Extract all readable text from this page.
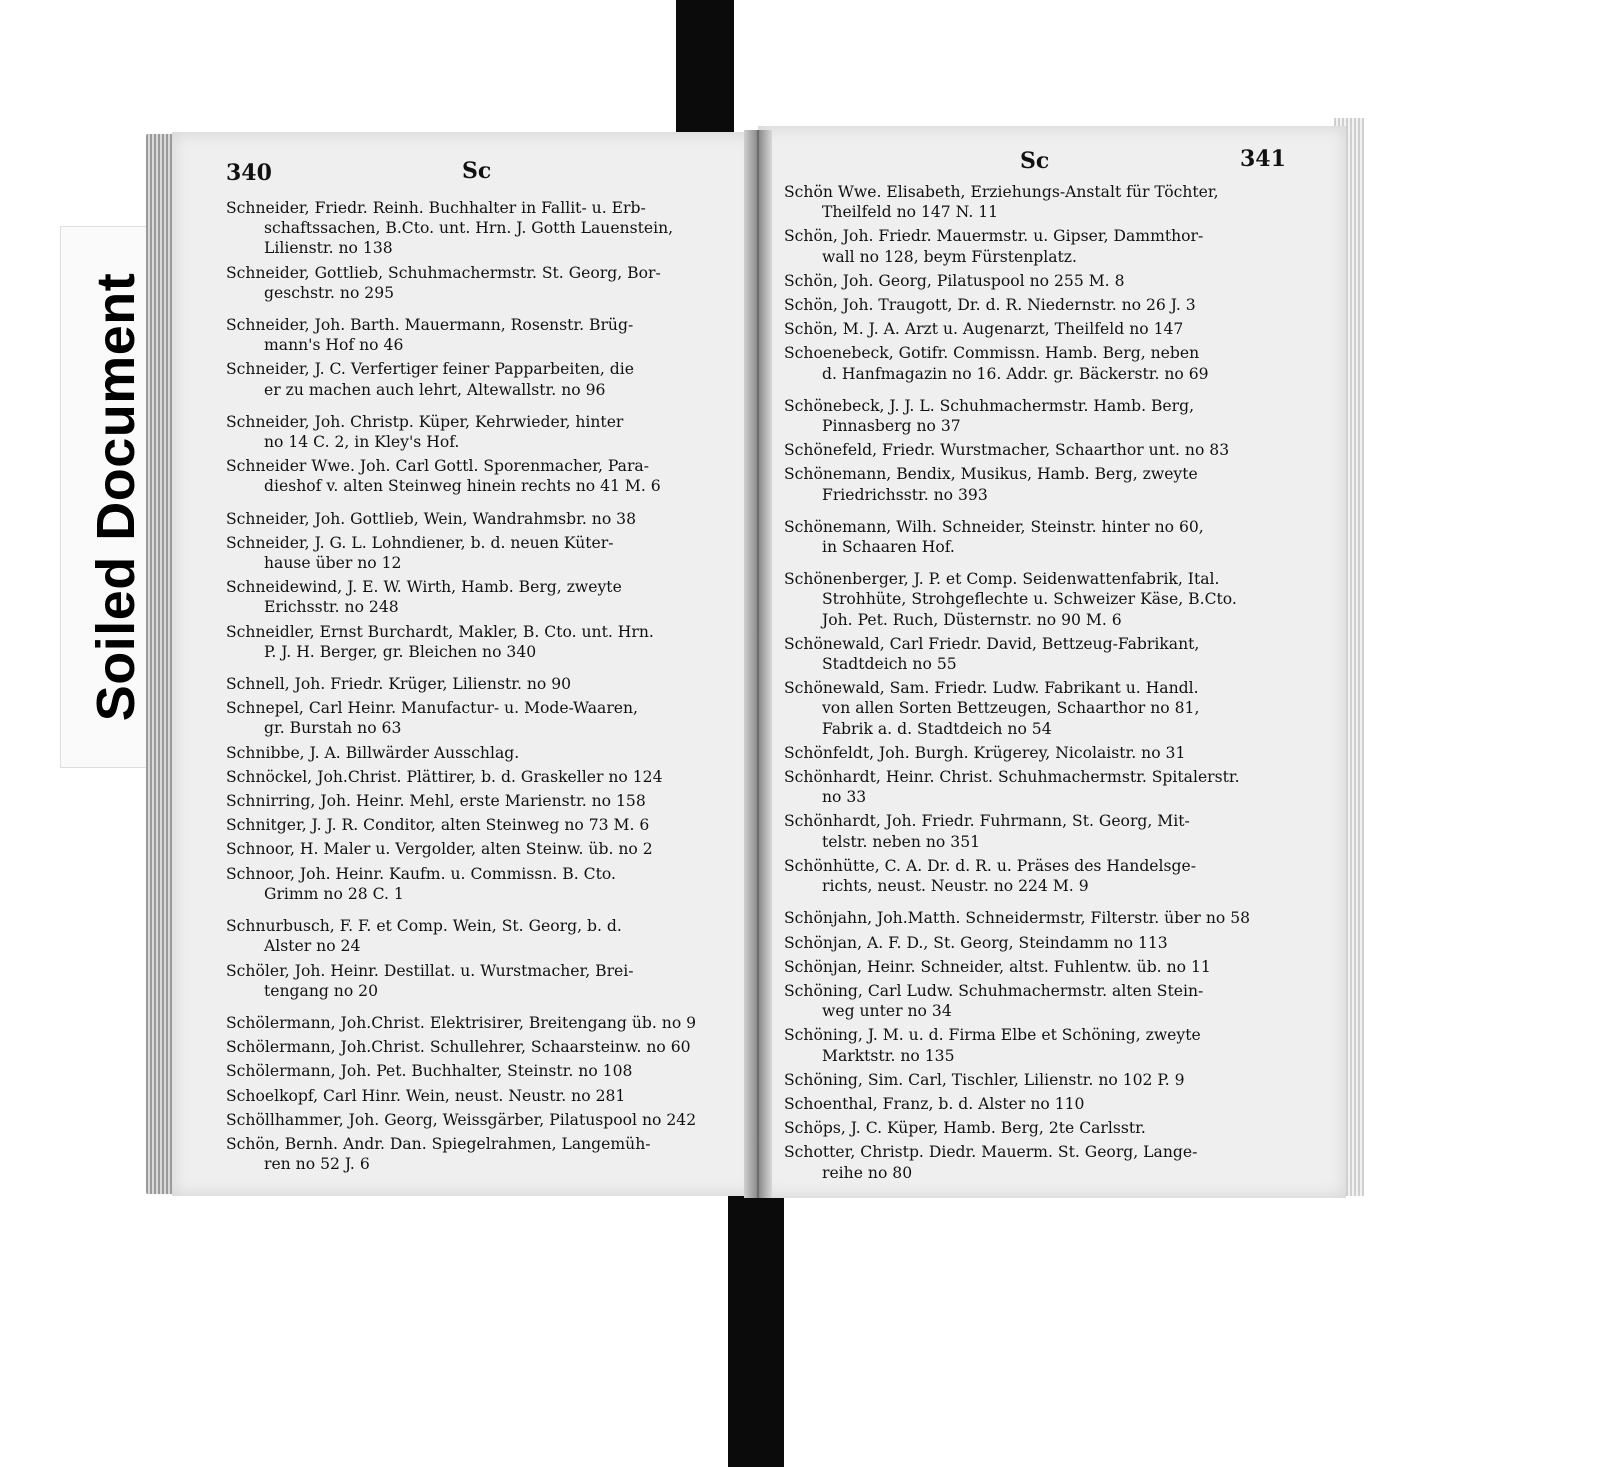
Soiled Document
340	Sc	Sc	341
Schneider, Friedr. Reinh. Buchhalter in Fallit- u. Erb-
schaftssachen, B.Cto. unt. Hrn. J. Gotth Lauenstein,
Lilienstr. no 138
Schneider, Gottlieb, Schuhmachermstr. St. Georg, Bor-
geschstr. no 295
Schneider, Joh. Barth. Mauermann, Rosenstr. Brüg-
mann's Hof no 46
Schneider, J. C. Verfertiger feiner Papparbeiten, die
er zu machen auch lehrt, Altewallstr. no 96
Schneider, Joh. Christp. Küper, Kehrwieder, hinter
no 14 C. 2, in Kley's Hof.
Schneider Wwe. Joh. Carl Gottl. Sporenmacher, Para-
dieshof v. alten Steinweg hinein rechts no 41 M. 6
Schneider, Joh. Gottlieb, Wein, Wandrahmsbr. no 38
Schneider, J. G. L. Lohndiener, b. d. neuen Küter-
hause über no 12
Schneidewind, J. E. W. Wirth, Hamb. Berg, zweyte
Erichsstr. no 248
Schneidler, Ernst Burchardt, Makler, B. Cto. unt. Hrn.
P. J. H. Berger, gr. Bleichen no 340
Schnell, Joh. Friedr. Krüger, Lilienstr. no 90
Schnepel, Carl Heinr. Manufactur- u. Mode-Waaren,
gr. Burstah no 63
Schnibbe, J. A. Billwärder Ausschlag.
Schnöckel, Joh.Christ. Plättirer, b. d. Graskeller no 124
Schnirring, Joh. Heinr. Mehl, erste Marienstr. no 158
Schnitger, J. J. R. Conditor, alten Steinweg no 73 M. 6
Schnoor, H. Maler u. Vergolder, alten Steinw. üb. no 2
Schnoor, Joh. Heinr. Kaufm. u. Commissn. B. Cto.
Grimm no 28 C. 1
Schnurbusch, F. F. et Comp. Wein, St. Georg, b. d.
Alster no 24
Schöler, Joh. Heinr. Destillat. u. Wurstmacher, Brei-
tengang no 20
Schölermann, Joh.Christ. Elektrisirer, Breitengang üb. no 9
Schölermann, Joh.Christ. Schullehrer, Schaarsteinw. no 60
Schölermann, Joh. Pet. Buchhalter, Steinstr. no 108
Schoelkopf, Carl Hinr. Wein, neust. Neustr. no 281
Schöllhammer, Joh. Georg, Weissgärber, Pilatuspool no 242
Schön, Bernh. Andr. Dan. Spiegelrahmen, Langemüh-
ren no 52 J. 6
Schön Wwe. Elisabeth, Erziehungs-Anstalt für Töchter,
Theilfeld no 147 N. 11
Schön, Joh. Friedr. Mauermstr. u. Gipser, Dammthor-
wall no 128, beym Fürstenplatz.
Schön, Joh. Georg, Pilatuspool no 255 M. 8
Schön, Joh. Traugott, Dr. d. R. Niedernstr. no 26 J. 3
Schön, M. J. A. Arzt u. Augenarzt, Theilfeld no 147
Schoenebeck, Gotifr. Commissn. Hamb. Berg, neben
d. Hanfmagazin no 16. Addr. gr. Bäckerstr. no 69
Schönebeck, J. J. L. Schuhmachermstr. Hamb. Berg,
Pinnasberg no 37
Schönefeld, Friedr. Wurstmacher, Schaarthor unt. no 83
Schönemann, Bendix, Musikus, Hamb. Berg, zweyte
Friedrichsstr. no 393
Schönemann, Wilh. Schneider, Steinstr. hinter no 60,
in Schaaren Hof.
Schönenberger, J. P. et Comp. Seidenwattenfabrik, Ital.
Strohhüte, Strohgeflechte u. Schweizer Käse, B.Cto.
Joh. Pet. Ruch, Düsternstr. no 90 M. 6
Schönewald, Carl Friedr. David, Bettzeug-Fabrikant,
Stadtdeich no 55
Schönewald, Sam. Friedr. Ludw. Fabrikant u. Handl.
von allen Sorten Bettzeugen, Schaarthor no 81,
Fabrik a. d. Stadtdeich no 54
Schönfeldt, Joh. Burgh. Krügerey, Nicolaistr. no 31
Schönhardt, Heinr. Christ. Schuhmachermstr. Spitalerstr.
no 33
Schönhardt, Joh. Friedr. Fuhrmann, St. Georg, Mit-
telstr. neben no 351
Schönhütte, C. A. Dr. d. R. u. Präses des Handelsge-
richts, neust. Neustr. no 224 M. 9
Schönjahn, Joh.Matth. Schneidermstr, Filterstr. über no 58
Schönjan, A. F. D., St. Georg, Steindamm no 113
Schönjan, Heinr. Schneider, altst. Fuhlentw. üb. no 11
Schöning, Carl Ludw. Schuhmachermstr. alten Stein-
weg unter no 34
Schöning, J. M. u. d. Firma Elbe et Schöning, zweyte
Marktstr. no 135
Schöning, Sim. Carl, Tischler, Lilienstr. no 102 P. 9
Schoenthal, Franz, b. d. Alster no 110
Schöps, J. C. Küper, Hamb. Berg, 2te Carlsstr.
Schotter, Christp. Diedr. Mauerm. St. Georg, Lange-
reihe no 80
